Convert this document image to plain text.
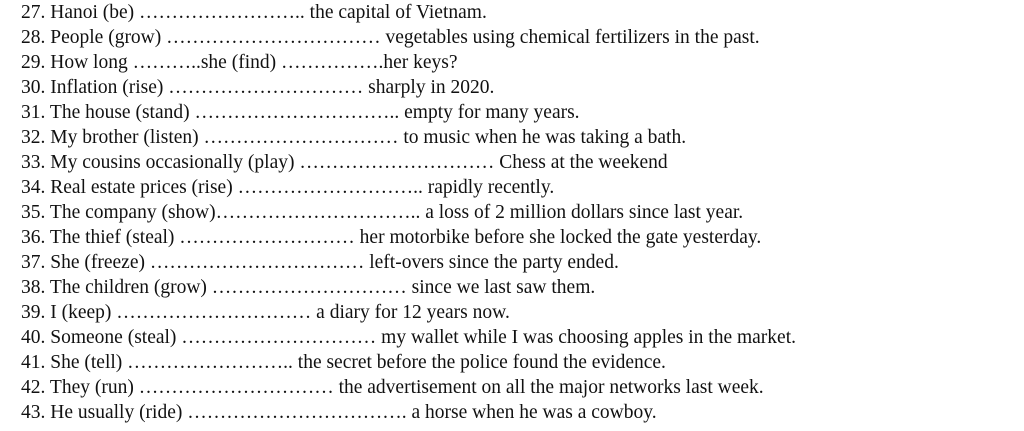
27. Hanoi (be) …………………….. the capital of Vietnam.
28. People (grow) …………………………… vegetables using chemical fertilizers in the past.
29. How long ………..she (find) …………….her keys?
30. Inflation (rise) ………………………… sharply in 2020.
31. The house (stand) ………………………….. empty for many years.
32. My brother (listen) ………………………… to music when he was taking a bath.
33. My cousins occasionally (play) ………………………… Chess at the weekend
34. Real estate prices (rise) ……………………….. rapidly recently.
35. The company (show)………………………….. a loss of 2 million dollars since last year.
36. The thief (steal) ……………………… her motorbike before she locked the gate yesterday.
37. She (freeze) …………………………… left-overs since the party ended.
38. The children (grow) ………………………… since we last saw them.
39. I (keep) ………………………… a diary for 12 years now.
40. Someone (steal) ………………………… my wallet while I was choosing apples in the market.
41. She (tell) …………………….. the secret before the police found the evidence.
42. They (run) ………………………… the advertisement on all the major networks last week.
43. He usually (ride) ……………………………. a horse when he was a cowboy.
